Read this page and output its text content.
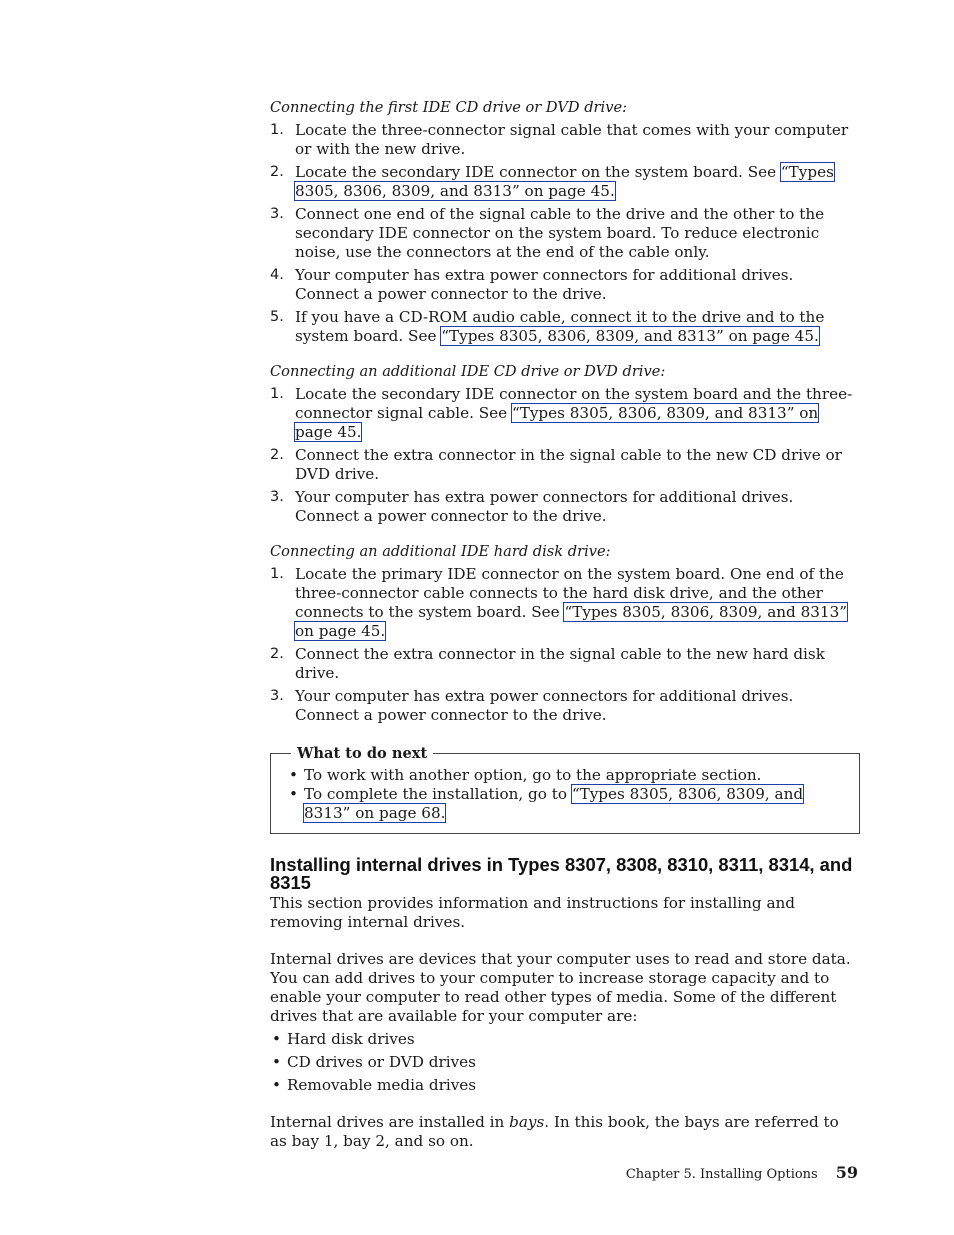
Connecting the first IDE CD drive or DVD drive:

1. Locate the three-connector signal cable that comes with your computer or with the new drive.
2. Locate the secondary IDE connector on the system board. See “Types 8305, 8306, 8309, and 8313” on page 45.
3. Connect one end of the signal cable to the drive and the other to the secondary IDE connector on the system board. To reduce electronic noise, use the connectors at the end of the cable only.
4. Your computer has extra power connectors for additional drives. Connect a power connector to the drive.
5. If you have a CD-ROM audio cable, connect it to the drive and to the system board. See “Types 8305, 8306, 8309, and 8313” on page 45.

Connecting an additional IDE CD drive or DVD drive:

1. Locate the secondary IDE connector on the system board and the three-connector signal cable. See “Types 8305, 8306, 8309, and 8313” on page 45.
2. Connect the extra connector in the signal cable to the new CD drive or DVD drive.
3. Your computer has extra power connectors for additional drives. Connect a power connector to the drive.

Connecting an additional IDE hard disk drive:

1. Locate the primary IDE connector on the system board. One end of the three-connector cable connects to the hard disk drive, and the other connects to the system board. See “Types 8305, 8306, 8309, and 8313” on page 45.
2. Connect the extra connector in the signal cable to the new hard disk drive.
3. Your computer has extra power connectors for additional drives. Connect a power connector to the drive.
What to do next
• To work with another option, go to the appropriate section.
• To complete the installation, go to “Types 8305, 8306, 8309, and 8313” on page 68.
Installing internal drives in Types 8307, 8308, 8310, 8311, 8314, and 8315

This section provides information and instructions for installing and removing internal drives.

Internal drives are devices that your computer uses to read and store data. You can add drives to your computer to increase storage capacity and to enable your computer to read other types of media. Some of the different drives that are available for your computer are:

• Hard disk drives
• CD drives or DVD drives
• Removable media drives

Internal drives are installed in bays. In this book, the bays are referred to as bay 1, bay 2, and so on.

Chapter 5. Installing Options 59
